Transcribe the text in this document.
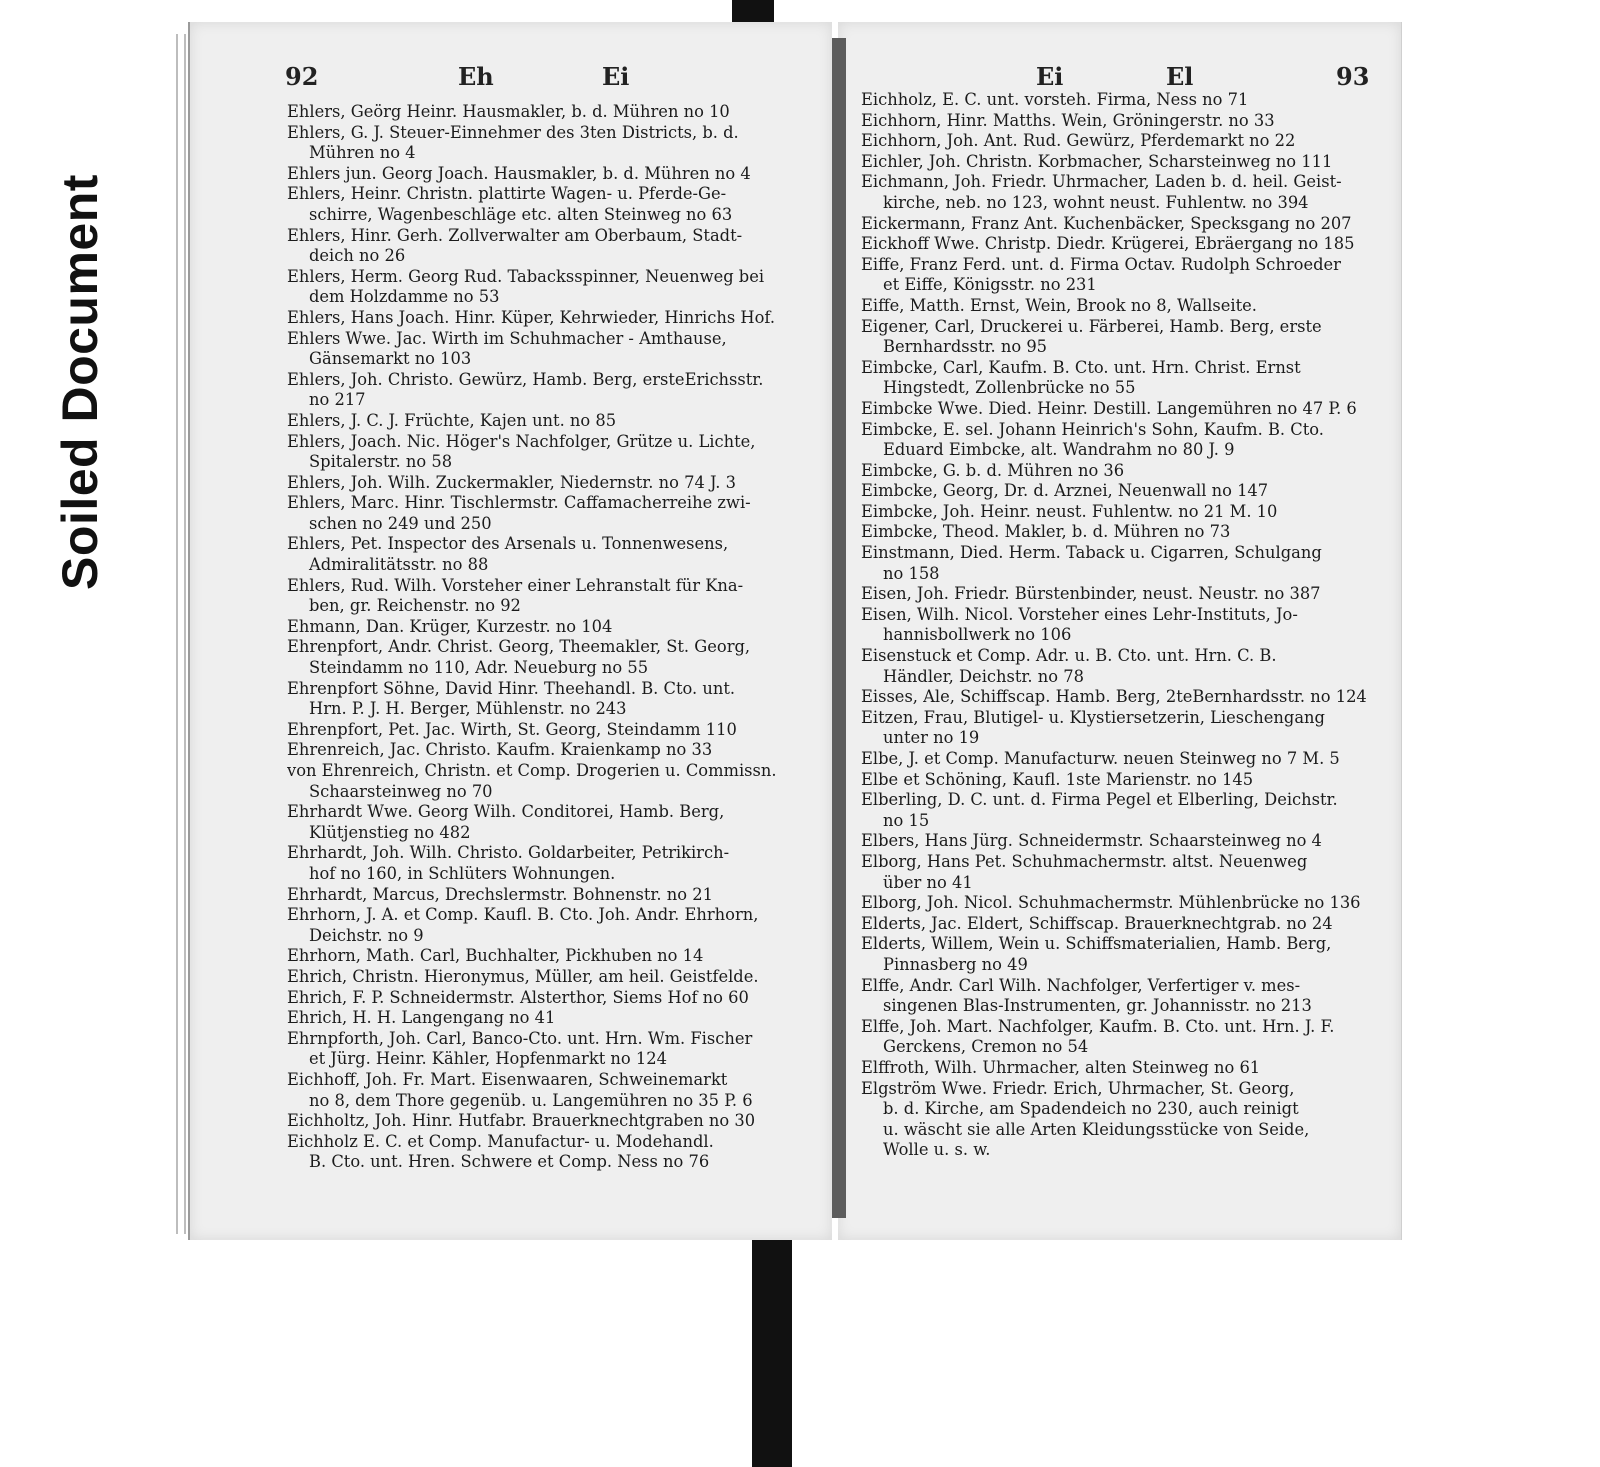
Soiled Document
92	Eh	Ei	Ei	El	93
Ehlers, Geörg Heinr. Hausmakler, b. d. Mühren no 10
Ehlers, G. J. Steuer-Einnehmer des 3ten Districts, b. d.
Mühren no 4
Ehlers jun. Georg Joach. Hausmakler, b. d. Mühren no 4
Ehlers, Heinr. Christn. plattirte Wagen- u. Pferde-Ge-
schirre, Wagenbeschläge etc. alten Steinweg no 63
Ehlers, Hinr. Gerh. Zollverwalter am Oberbaum, Stadt-
deich no 26
Ehlers, Herm. Georg Rud. Tabacksspinner, Neuenweg bei
dem Holzdamme no 53
Ehlers, Hans Joach. Hinr. Küper, Kehrwieder, Hinrichs Hof.
Ehlers Wwe. Jac. Wirth im Schuhmacher - Amthause,
Gänsemarkt no 103
Ehlers, Joh. Christo. Gewürz, Hamb. Berg, ersteErichsstr.
no 217
Ehlers, J. C. J. Früchte, Kajen unt. no 85
Ehlers, Joach. Nic. Höger's Nachfolger, Grütze u. Lichte,
Spitalerstr. no 58
Ehlers, Joh. Wilh. Zuckermakler, Niedernstr. no 74 J. 3
Ehlers, Marc. Hinr. Tischlermstr. Caffamacherreihe zwi-
schen no 249 und 250
Ehlers, Pet. Inspector des Arsenals u. Tonnenwesens,
Admiralitätsstr. no 88
Ehlers, Rud. Wilh. Vorsteher einer Lehranstalt für Kna-
ben, gr. Reichenstr. no 92
Ehmann, Dan. Krüger, Kurzestr. no 104
Ehrenpfort, Andr. Christ. Georg, Theemakler, St. Georg,
Steindamm no 110, Adr. Neueburg no 55
Ehrenpfort Söhne, David Hinr. Theehandl. B. Cto. unt.
Hrn. P. J. H. Berger, Mühlenstr. no 243
Ehrenpfort, Pet. Jac. Wirth, St. Georg, Steindamm 110
Ehrenreich, Jac. Christo. Kaufm. Kraienkamp no 33
von Ehrenreich, Christn. et Comp. Drogerien u. Commissn.
Schaarsteinweg no 70
Ehrhardt Wwe. Georg Wilh. Conditorei, Hamb. Berg,
Klütjenstieg no 482
Ehrhardt, Joh. Wilh. Christo. Goldarbeiter, Petrikirch-
hof no 160, in Schlüters Wohnungen.
Ehrhardt, Marcus, Drechslermstr. Bohnenstr. no 21
Ehrhorn, J. A. et Comp. Kaufl. B. Cto. Joh. Andr. Ehrhorn,
Deichstr. no 9
Ehrhorn, Math. Carl, Buchhalter, Pickhuben no 14
Ehrich, Christn. Hieronymus, Müller, am heil. Geistfelde.
Ehrich, F. P. Schneidermstr. Alsterthor, Siems Hof no 60
Ehrich, H. H. Langengang no 41
Ehrnpforth, Joh. Carl, Banco-Cto. unt. Hrn. Wm. Fischer
et Jürg. Heinr. Kähler, Hopfenmarkt no 124
Eichhoff, Joh. Fr. Mart. Eisenwaaren, Schweinemarkt
no 8, dem Thore gegenüb. u. Langemühren no 35 P. 6
Eichholtz, Joh. Hinr. Hutfabr. Brauerknechtgraben no 30
Eichholz E. C. et Comp. Manufactur- u. Modehandl.
B. Cto. unt. Hren. Schwere et Comp. Ness no 76
Eichholz, E. C. unt. vorsteh. Firma, Ness no 71
Eichhorn, Hinr. Matths. Wein, Gröningerstr. no 33
Eichhorn, Joh. Ant. Rud. Gewürz, Pferdemarkt no 22
Eichler, Joh. Christn. Korbmacher, Scharsteinweg no 111
Eichmann, Joh. Friedr. Uhrmacher, Laden b. d. heil. Geist-
kirche, neb. no 123, wohnt neust. Fuhlentw. no 394
Eickermann, Franz Ant. Kuchenbäcker, Specksgang no 207
Eickhoff Wwe. Christp. Diedr. Krügerei, Ebräergang no 185
Eiffe, Franz Ferd. unt. d. Firma Octav. Rudolph Schroeder
et Eiffe, Königsstr. no 231
Eiffe, Matth. Ernst, Wein, Brook no 8, Wallseite.
Eigener, Carl, Druckerei u. Färberei, Hamb. Berg, erste
Bernhardsstr. no 95
Eimbcke, Carl, Kaufm. B. Cto. unt. Hrn. Christ. Ernst
Hingstedt, Zollenbrücke no 55
Eimbcke Wwe. Died. Heinr. Destill. Langemühren no 47 P. 6
Eimbcke, E. sel. Johann Heinrich's Sohn, Kaufm. B. Cto.
Eduard Eimbcke, alt. Wandrahm no 80 J. 9
Eimbcke, G. b. d. Mühren no 36
Eimbcke, Georg, Dr. d. Arznei, Neuenwall no 147
Eimbcke, Joh. Heinr. neust. Fuhlentw. no 21 M. 10
Eimbcke, Theod. Makler, b. d. Mühren no 73
Einstmann, Died. Herm. Taback u. Cigarren, Schulgang
no 158
Eisen, Joh. Friedr. Bürstenbinder, neust. Neustr. no 387
Eisen, Wilh. Nicol. Vorsteher eines Lehr-Instituts, Jo-
hannisbollwerk no 106
Eisenstuck et Comp. Adr. u. B. Cto. unt. Hrn. C. B.
Händler, Deichstr. no 78
Eisses, Ale, Schiffscap. Hamb. Berg, 2teBernhardsstr. no 124
Eitzen, Frau, Blutigel- u. Klystiersetzerin, Lieschengang
unter no 19
Elbe, J. et Comp. Manufacturw. neuen Steinweg no 7 M. 5
Elbe et Schöning, Kaufl. 1ste Marienstr. no 145
Elberling, D. C. unt. d. Firma Pegel et Elberling, Deichstr.
no 15
Elbers, Hans Jürg. Schneidermstr. Schaarsteinweg no 4
Elborg, Hans Pet. Schuhmachermstr. altst. Neuenweg
über no 41
Elborg, Joh. Nicol. Schuhmachermstr. Mühlenbrücke no 136
Elderts, Jac. Eldert, Schiffscap. Brauerknechtgrab. no 24
Elderts, Willem, Wein u. Schiffsmaterialien, Hamb. Berg,
Pinnasberg no 49
Elffe, Andr. Carl Wilh. Nachfolger, Verfertiger v. mes-
singenen Blas-Instrumenten, gr. Johannisstr. no 213
Elffe, Joh. Mart. Nachfolger, Kaufm. B. Cto. unt. Hrn. J. F.
Gerckens, Cremon no 54
Elffroth, Wilh. Uhrmacher, alten Steinweg no 61
Elgström Wwe. Friedr. Erich, Uhrmacher, St. Georg,
b. d. Kirche, am Spadendeich no 230, auch reinigt
u. wäscht sie alle Arten Kleidungsstücke von Seide,
Wolle u. s. w.
